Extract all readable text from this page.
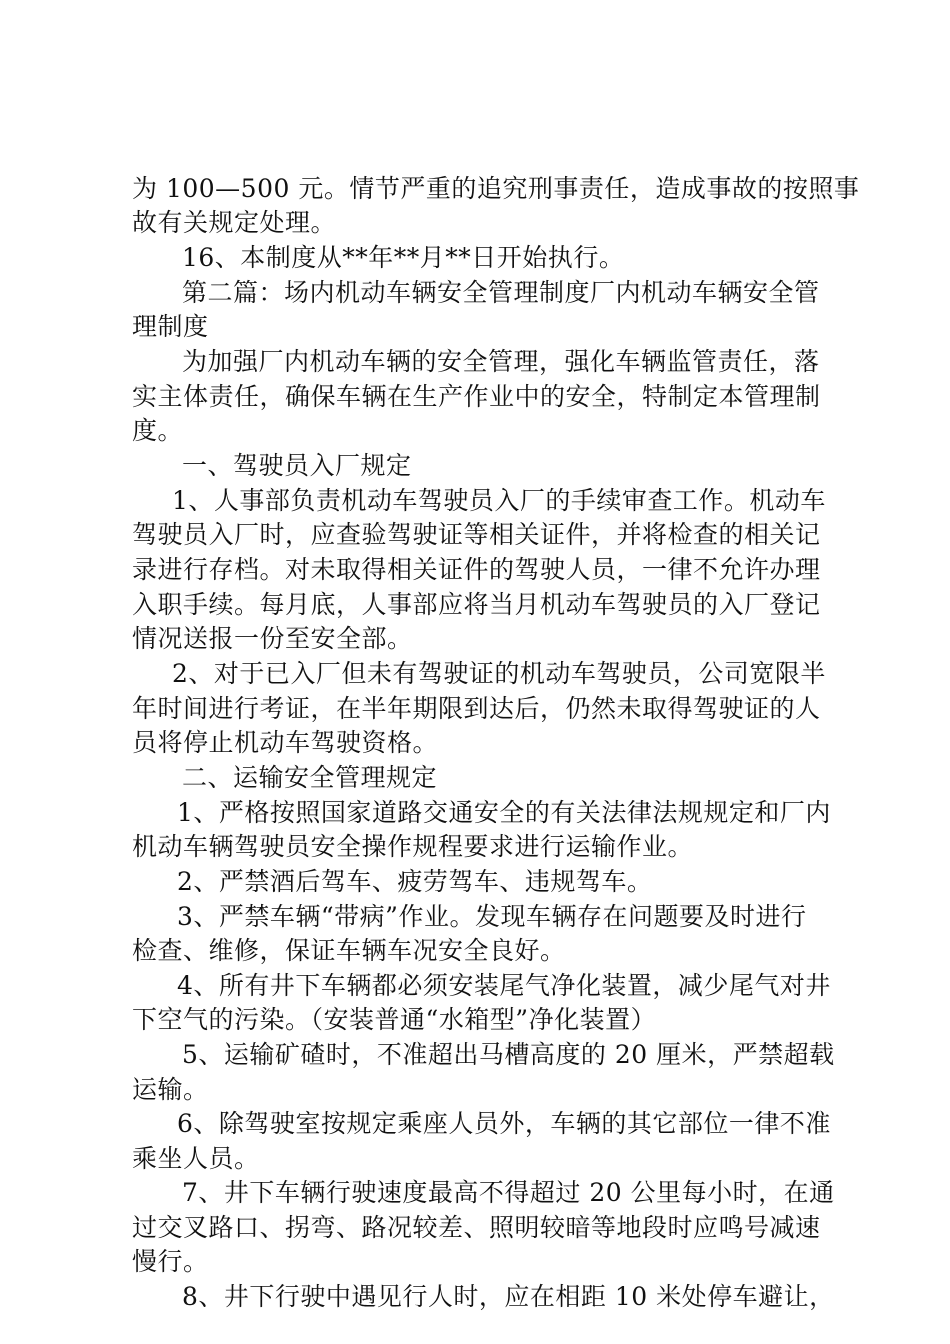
为 100—500 元。情节严重的追究刑事责任，造成事故的按照事
故有关规定处理。
16、本制度从**年**月**日开始执行。
第二篇：场内机动车辆安全管理制度厂内机动车辆安全管
理制度
为加强厂内机动车辆的安全管理，强化车辆监管责任，落
实主体责任，确保车辆在生产作业中的安全，特制定本管理制
度。
一、驾驶员入厂规定
1、人事部负责机动车驾驶员入厂的手续审查工作。机动车
驾驶员入厂时，应查验驾驶证等相关证件，并将检查的相关记
录进行存档。对未取得相关证件的驾驶人员，一律不允许办理
入职手续。每月底，人事部应将当月机动车驾驶员的入厂登记
情况送报一份至安全部。
2、对于已入厂但未有驾驶证的机动车驾驶员，公司宽限半
年时间进行考证，在半年期限到达后，仍然未取得驾驶证的人
员将停止机动车驾驶资格。
二、运输安全管理规定
1、严格按照国家道路交通安全的有关法律法规规定和厂内
机动车辆驾驶员安全操作规程要求进行运输作业。
2、严禁酒后驾车、疲劳驾车、违规驾车。
3、严禁车辆“带病”作业。发现车辆存在问题要及时进行
检查、维修，保证车辆车况安全良好。
4、所有井下车辆都必须安装尾气净化装置，减少尾气对井
下空气的污染。（安装普通“水箱型”净化装置）
5、运输矿碴时，不准超出马槽高度的 20 厘米，严禁超载
运输。
6、除驾驶室按规定乘座人员外，车辆的其它部位一律不准
乘坐人员。
7、井下车辆行驶速度最高不得超过 20 公里每小时，在通
过交叉路口、拐弯、路况较差、照明较暗等地段时应鸣号减速
慢行。
8、井下行驶中遇见行人时，应在相距 10 米处停车避让，
